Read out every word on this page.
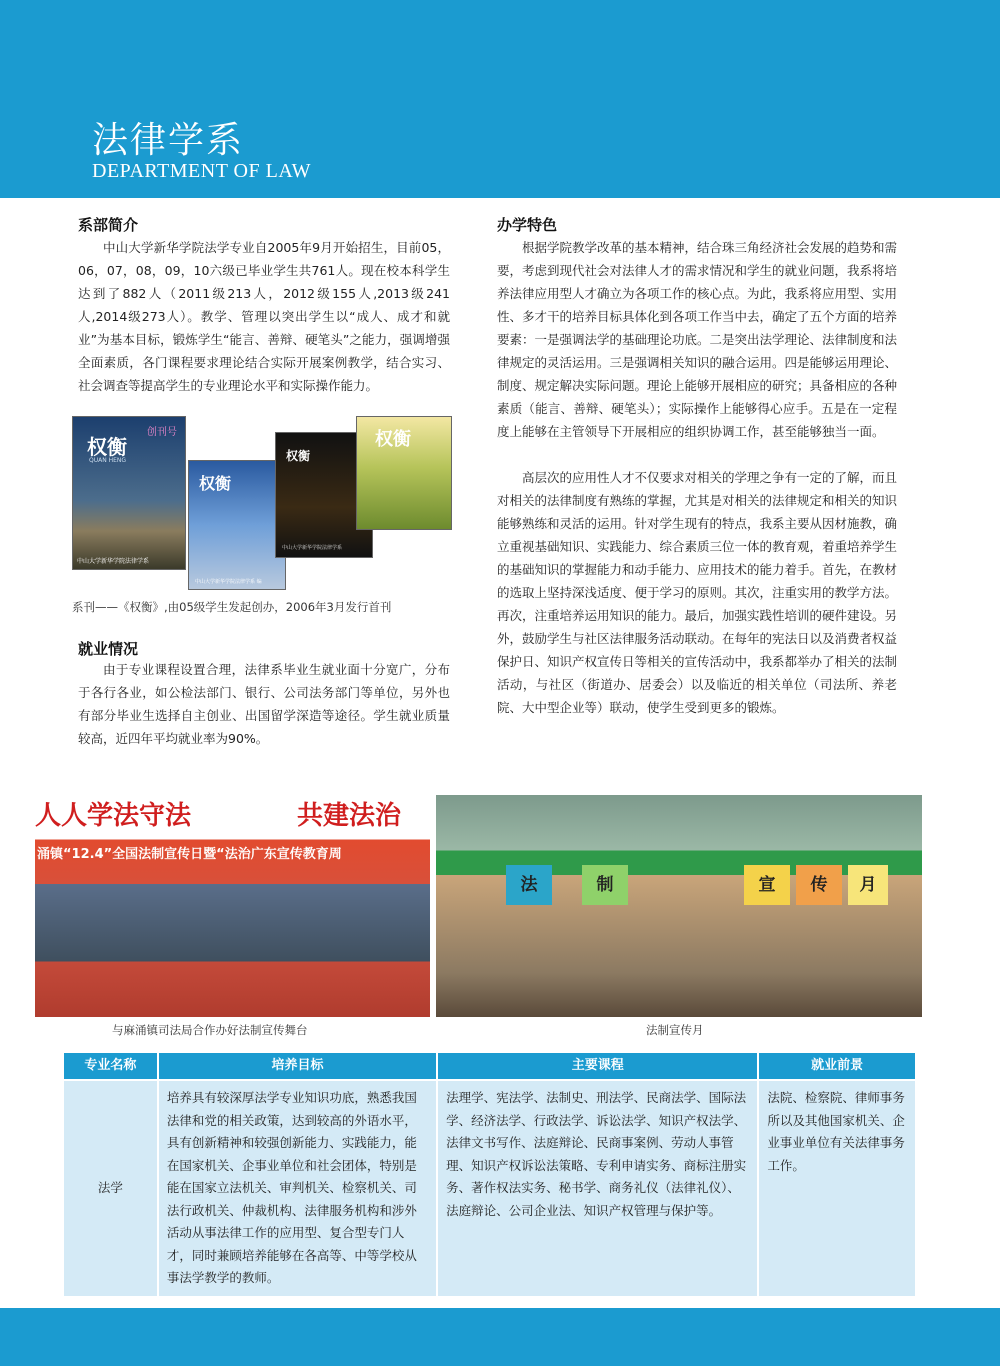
法律学系
DEPARTMENT OF LAW
系部简介

中山大学新华学院法学专业自2005年9月开始招生，目前05，06，07，08，09，10六级已毕业学生共761人。现在校本科学生达到了882人（2011级213人，2012级155人,2013级241人,2014级273人）。教学、管理以突出学生以“成人、成才和就业”为基本目标，锻炼学生“能言、善辩、硬笔头”之能力，强调增强全面素质，各门课程要求理论结合实际开展案例教学，结合实习、社会调查等提高学生的专业理论水平和实际操作能力。

权衡
创刊号
QUAN HENG
中山大学新华学院法律学系
权衡
中山大学新华学院法律学系 编
权衡
中山大学新华学院法律学系
权衡
系刊——《权衡》,由05级学生发起创办，2006年3月发行首刊
就业情况

由于专业课程设置合理，法律系毕业生就业面十分宽广，分布于各行各业，如公检法部门、银行、公司法务部门等单位，另外也有部分毕业生选择自主创业、出国留学深造等途径。学生就业质量较高，近四年平均就业率为90%。

办学特色

根据学院教学改革的基本精神，结合珠三角经济社会发展的趋势和需要，考虑到现代社会对法律人才的需求情况和学生的就业问题，我系将培养法律应用型人才确立为各项工作的核心点。为此，我系将应用型、实用性、多才干的培养目标具体化到各项工作当中去，确定了五个方面的培养要素：一是强调法学的基础理论功底。二是突出法学理论、法律制度和法律规定的灵活运用。三是强调相关知识的融合运用。四是能够运用理论、制度、规定解决实际问题。理论上能够开展相应的研究；具备相应的各种素质（能言、善辩、硬笔头）；实际操作上能够得心应手。五是在一定程度上能够在主管领导下开展相应的组织协调工作，甚至能够独当一面。

高层次的应用性人才不仅要求对相关的学理之争有一定的了解，而且对相关的法律制度有熟练的掌握，尤其是对相关的法律规定和相关的知识能够熟练和灵活的运用。针对学生现有的特点，我系主要从因材施教，确立重视基础知识、实践能力、综合素质三位一体的教育观，着重培养学生的基础知识的掌握能力和动手能力、应用技术的能力着手。首先，在教材的选取上坚持深浅适度、便于学习的原则。其次，注重实用的教学方法。再次，注重培养运用知识的能力。最后，加强实践性培训的硬件建设。另外，鼓励学生与社区法律服务活动联动。在每年的宪法日以及消费者权益保护日、知识产权宣传日等相关的宣传活动中，我系都举办了相关的法制活动，与社区（街道办、居委会）以及临近的相关单位（司法所、养老院、大中型企业等）联动，使学生受到更多的锻炼。

人人学法守法	共建法治
涌镇“12.4”全国法制宣传日暨“法治广东宣传教育周
与麻涌镇司法局合作办好法制宣传舞台
法	制	宣	传	月
法制宣传月
专业名称	培养目标	主要课程	就业前景
法学	培养具有较深厚法学专业知识功底，熟悉我国法律和党的相关政策，达到较高的外语水平，具有创新精神和较强创新能力、实践能力，能在国家机关、企事业单位和社会团体，特别是能在国家立法机关、审判机关、检察机关、司法行政机关、仲裁机构、法律服务机构和涉外活动从事法律工作的应用型、复合型专门人才，同时兼顾培养能够在各高等、中等学校从事法学教学的教师。	法理学、宪法学、法制史、刑法学、民商法学、国际法学、经济法学、行政法学、诉讼法学、知识产权法学、法律文书写作、法庭辩论、民商事案例、劳动人事管理、知识产权诉讼法策略、专利申请实务、商标注册实务、著作权法实务、秘书学、商务礼仪（法律礼仪）、法庭辩论、公司企业法、知识产权管理与保护等。	法院、检察院、律师事务所以及其他国家机关、企业事业单位有关法律事务工作。
